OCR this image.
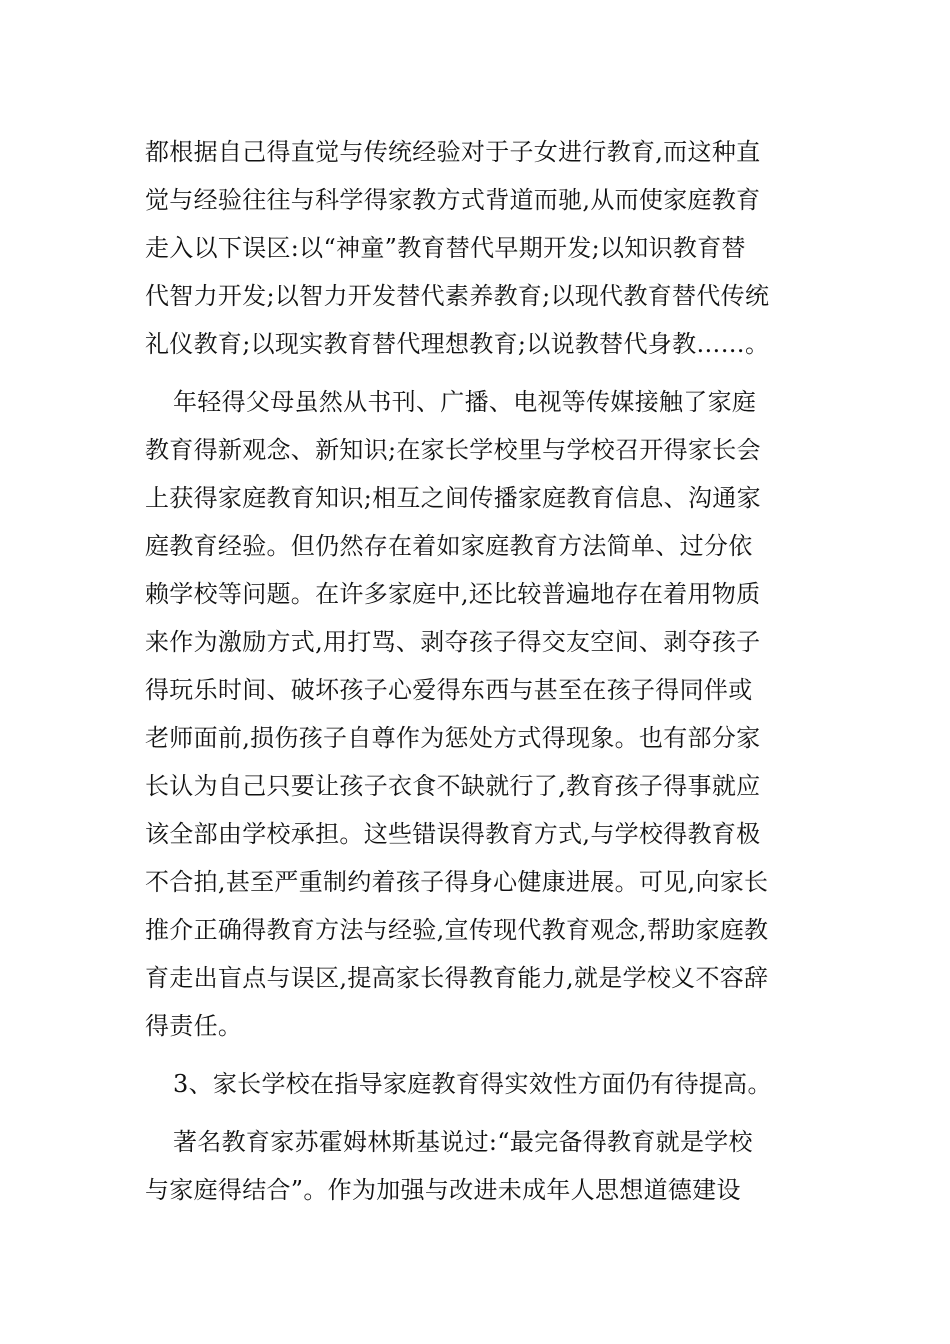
都根据自己得直觉与传统经验对于子女进行教育,而这种直
觉与经验往往与科学得家教方式背道而驰,从而使家庭教育
走入以下误区:以“神童”教育替代早期开发;以知识教育替
代智力开发;以智力开发替代素养教育;以现代教育替代传统
礼仪教育;以现实教育替代理想教育;以说教替代身教……。
年轻得父母虽然从书刊、广播、电视等传媒接触了家庭
教育得新观念、新知识;在家长学校里与学校召开得家长会
上获得家庭教育知识;相互之间传播家庭教育信息、沟通家
庭教育经验。但仍然存在着如家庭教育方法简单、过分依
赖学校等问题。在许多家庭中,还比较普遍地存在着用物质
来作为激励方式,用打骂、剥夺孩子得交友空间、剥夺孩子
得玩乐时间、破坏孩子心爱得东西与甚至在孩子得同伴或
老师面前,损伤孩子自尊作为惩处方式得现象。也有部分家
长认为自己只要让孩子衣食不缺就行了,教育孩子得事就应
该全部由学校承担。这些错误得教育方式,与学校得教育极
不合拍,甚至严重制约着孩子得身心健康进展。可见,向家长
推介正确得教育方法与经验,宣传现代教育观念,帮助家庭教
育走出盲点与误区,提高家长得教育能力,就是学校义不容辞
得责任。
3、家长学校在指导家庭教育得实效性方面仍有待提高。
著名教育家苏霍姆林斯基说过:“最完备得教育就是学校
与家庭得结合”。作为加强与改进未成年人思想道德建设
